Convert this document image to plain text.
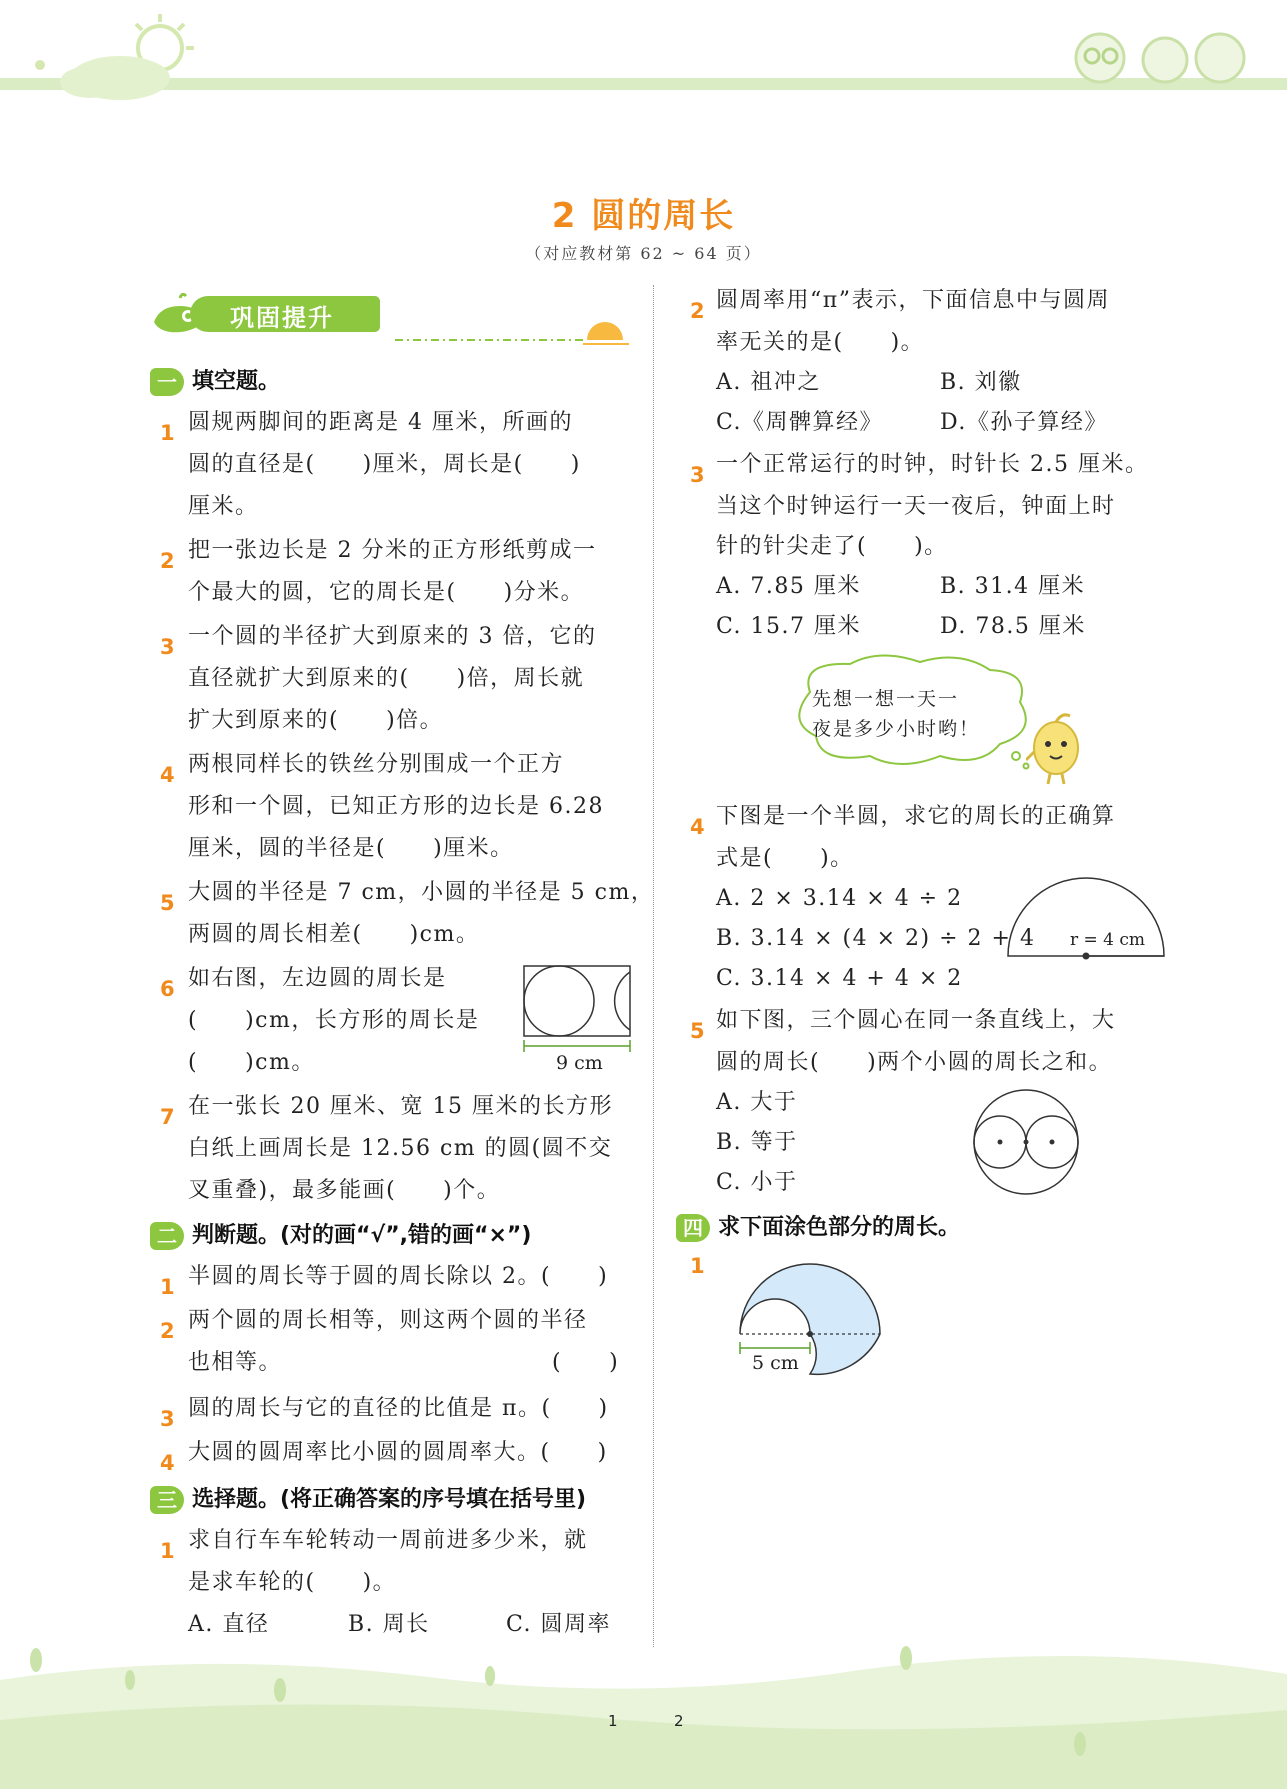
2 圆的周长
（对应教材第 62 ~ 64 页）
巩固提升
一 填空题。
1 圆规两脚间的距离是 4 厘米，所画的
圆的直径是(　　)厘米，周长是(　　)
厘米。
2 把一张边长是 2 分米的正方形纸剪成一
个最大的圆，它的周长是(　　)分米。
3 一个圆的半径扩大到原来的 3 倍，它的
直径就扩大到原来的(　　)倍，周长就
扩大到原来的(　　)倍。
4 两根同样长的铁丝分别围成一个正方
形和一个圆，已知正方形的边长是 6.28
厘米，圆的半径是(　　)厘米。
5 大圆的半径是 7 cm，小圆的半径是 5 cm，
两圆的周长相差(　　)cm。
6 如右图，左边圆的周长是
(　　)cm，长方形的周长是
(　　)cm。
7 在一张长 20 厘米、宽 15 厘米的长方形
白纸上画周长是 12.56 cm 的圆(圆不交
叉重叠)，最多能画(　　)个。
9 cm
二 判断题。(对的画“√”,错的画“×”)
1 半圆的周长等于圆的周长除以 2。(　　)
2 两个圆的周长相等，则这两个圆的半径
也相等。	(　　)
3 圆的周长与它的直径的比值是 π。(　　)
4 大圆的圆周率比小圆的圆周率大。(　　)
三 选择题。(将正确答案的序号填在括号里)
1 求自行车车轮转动一周前进多少米，就
是求车轮的(　　)。
A. 直径	B. 周长	C. 圆周率
2 圆周率用“π”表示，下面信息中与圆周
率无关的是(　　)。
A. 祖冲之	B. 刘徽
C.《周髀算经》	D.《孙子算经》
3 一个正常运行的时钟，时针长 2.5 厘米。
当这个时钟运行一天一夜后，钟面上时
针的针尖走了(　　)。
A. 7.85 厘米	B. 31.4 厘米
C. 15.7 厘米	D. 78.5 厘米
先想一想一天一
夜是多少小时哟！
4 下图是一个半圆，求它的周长的正确算
式是(　　)。
A. 2 × 3.14 × 4 ÷ 2
B. 3.14 × (4 × 2) ÷ 2 + 4
C. 3.14 × 4 + 4 × 2
5 如下图，三个圆心在同一条直线上，大
圆的周长(　　)两个小圆的周长之和。
A. 大于
B. 等于
C. 小于
r = 4 cm
四 求下面涂色部分的周长。
1
5 cm
1	2
